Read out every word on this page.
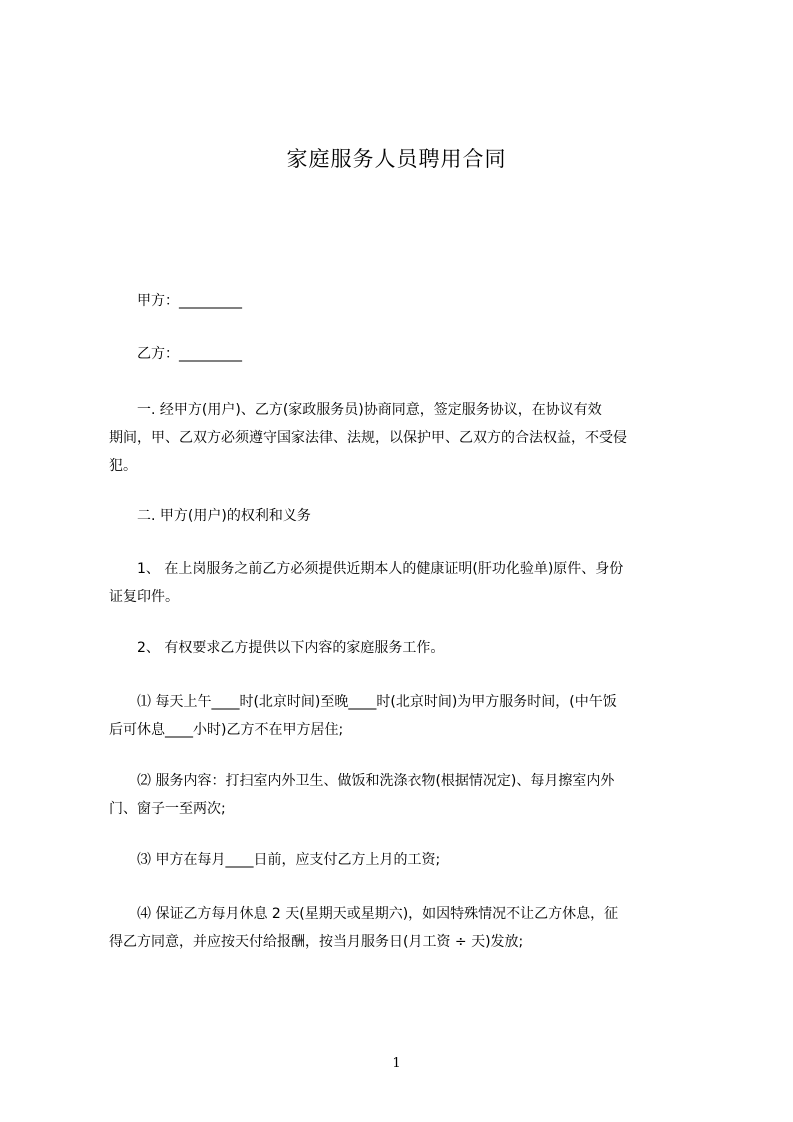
家庭服务人员聘用合同
甲方：_________
乙方：_________
一. 经甲方(用户)、乙方(家政服务员)协商同意，签定服务协议，在协议有效
期间，甲、乙双方必须遵守国家法律、法规，以保护甲、乙双方的合法权益，不受侵
犯。
二. 甲方(用户)的权利和义务
1、 在上岗服务之前乙方必须提供近期本人的健康证明(肝功化验单)原件、身份
证复印件。
2、 有权要求乙方提供以下内容的家庭服务工作。
⑴ 每天上午____时(北京时间)至晚____时(北京时间)为甲方服务时间，(中午饭
后可休息____小时)乙方不在甲方居住;
⑵ 服务内容：打扫室内外卫生、做饭和洗涤衣物(根据情况定)、每月擦室内外
门、窗子一至两次;
⑶ 甲方在每月____日前，应支付乙方上月的工资;
⑷ 保证乙方每月休息 2 天(星期天或星期六)，如因特殊情况不让乙方休息，征
得乙方同意，并应按天付给报酬，按当月服务日(月工资 ÷ 天)发放;
1
